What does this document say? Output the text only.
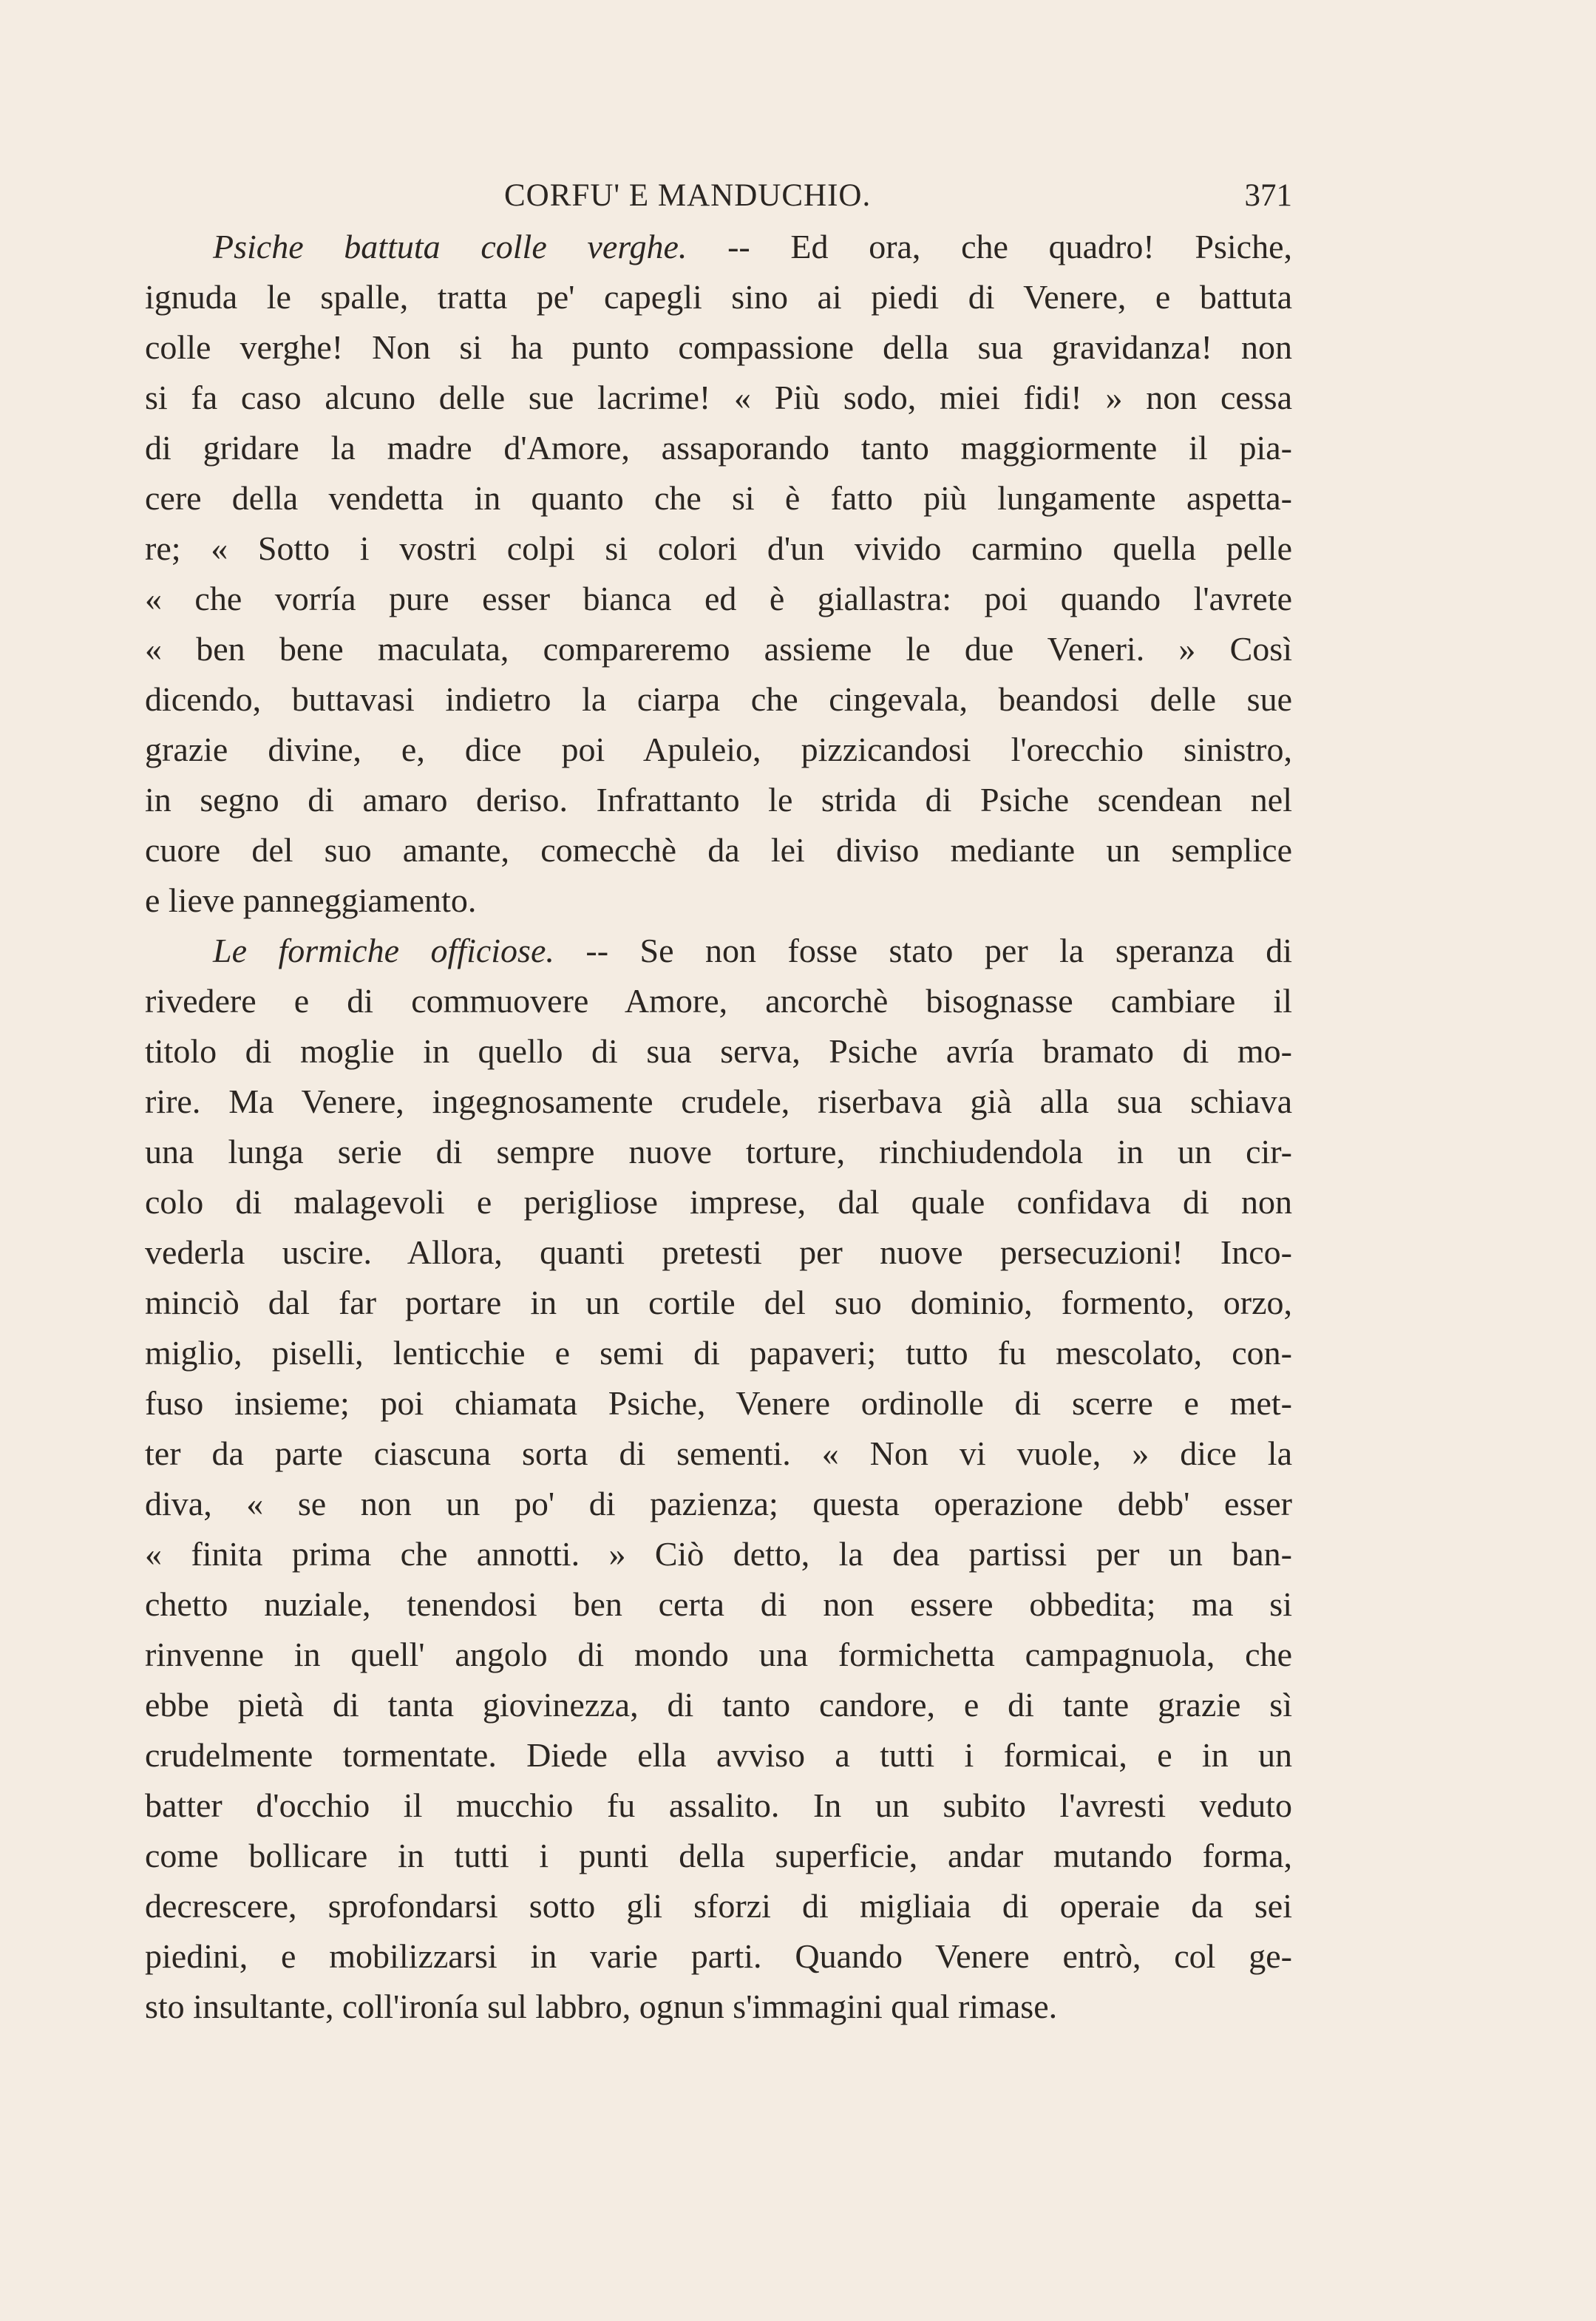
CORFU' E MANDUCHIO.	371
Psiche battuta colle verghe. -- Ed ora, che quadro! Psiche,
ignuda le spalle, tratta pe' capegli sino ai piedi di Venere, e battuta
colle verghe! Non si ha punto compassione della sua gravidanza! non
si fa caso alcuno delle sue lacrime! « Più sodo, miei fidi! » non cessa
di gridare la madre d'Amore, assaporando tanto maggiormente il pia-
cere della vendetta in quanto che si è fatto più lungamente aspetta-
re; « Sotto i vostri colpi si colori d'un vivido carmino quella pelle
« che vorría pure esser bianca ed è giallastra: poi quando l'avrete
« ben bene maculata, compareremo assieme le due Veneri. » Così
dicendo, buttavasi indietro la ciarpa che cingevala, beandosi delle sue
grazie divine, e, dice poi Apuleio, pizzicandosi l'orecchio sinistro,
in segno di amaro deriso. Infrattanto le strida di Psiche scendean nel
cuore del suo amante, comecchè da lei diviso mediante un semplice
e lieve panneggiamento.
Le formiche officiose. -- Se non fosse stato per la speranza di
rivedere e di commuovere Amore, ancorchè bisognasse cambiare il
titolo di moglie in quello di sua serva, Psiche avría bramato di mo-
rire. Ma Venere, ingegnosamente crudele, riserbava già alla sua schiava
una lunga serie di sempre nuove torture, rinchiudendola in un cir-
colo di malagevoli e perigliose imprese, dal quale confidava di non
vederla uscire. Allora, quanti pretesti per nuove persecuzioni! Inco-
minciò dal far portare in un cortile del suo dominio, formento, orzo,
miglio, piselli, lenticchie e semi di papaveri; tutto fu mescolato, con-
fuso insieme; poi chiamata Psiche, Venere ordinolle di scerre e met-
ter da parte ciascuna sorta di sementi. « Non vi vuole, » dice la
diva, « se non un po' di pazienza; questa operazione debb' esser
« finita prima che annotti. » Ciò detto, la dea partissi per un ban-
chetto nuziale, tenendosi ben certa di non essere obbedita; ma si
rinvenne in quell' angolo di mondo una formichetta campagnuola, che
ebbe pietà di tanta giovinezza, di tanto candore, e di tante grazie sì
crudelmente tormentate. Diede ella avviso a tutti i formicai, e in un
batter d'occhio il mucchio fu assalito. In un subito l'avresti veduto
come bollicare in tutti i punti della superficie, andar mutando forma,
decrescere, sprofondarsi sotto gli sforzi di migliaia di operaie da sei
piedini, e mobilizzarsi in varie parti. Quando Venere entrò, col ge-
sto insultante, coll'ironía sul labbro, ognun s'immagini qual rimase.
